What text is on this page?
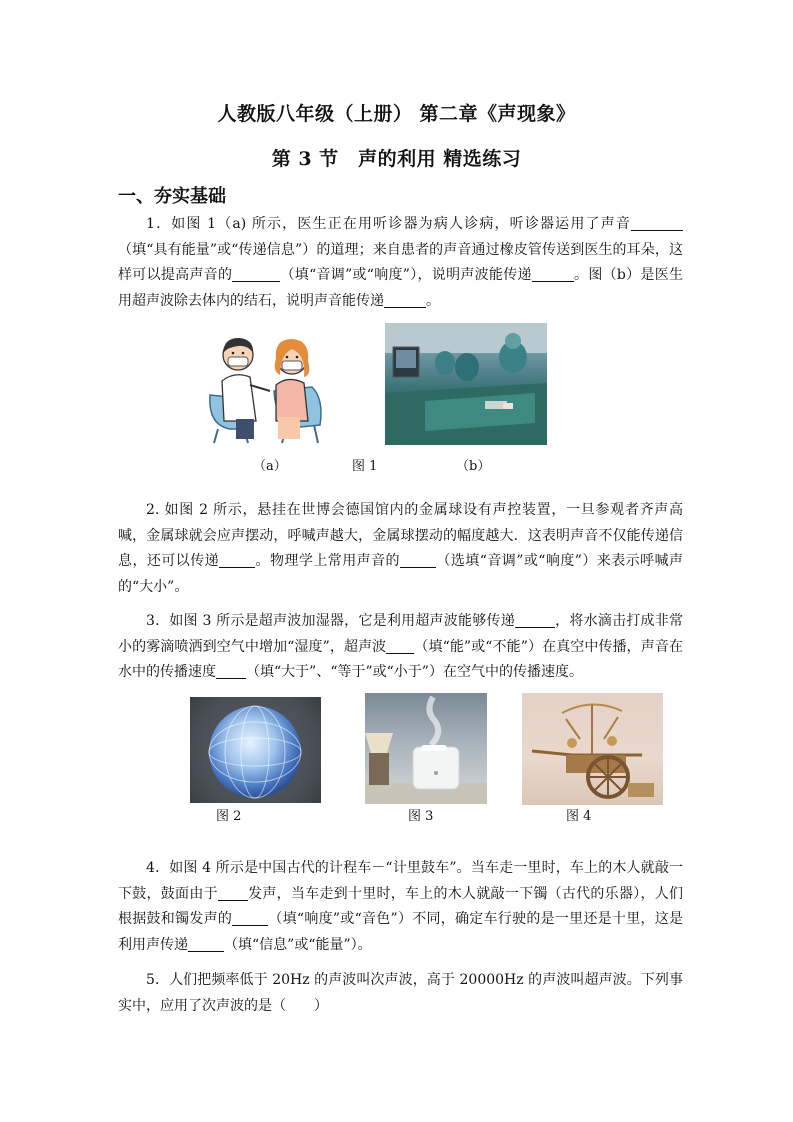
人教版八年级（上册） 第二章《声现象》
第 3 节　声的利用 精选练习
一、夯实基础

1．如图 1（a) 所示，医生正在用听诊器为病人诊病，听诊器运用了声音（填“具有能量”或“传递信息”）的道理；来自患者的声音通过橡皮管传送到医生的耳朵，这样可以提高声音的	（填“音调”或“响度”），说明声波能传递	。图（b）是医生用超声波除去体内的结石，说明声音能传递	。

（a）	图 1	（b）

2. 如图 2 所示，悬挂在世博会德国馆内的金属球设有声控装置，一旦参观者齐声高喊，金属球就会应声摆动，呼喊声越大，金属球摆动的幅度越大．这表明声音不仅能传递信息，还可以传递	。物理学上常用声音的	（选填“音调”或“响度”）来表示呼喊声的“大小”。

3．如图 3 所示是超声波加湿器，它是利用超声波能够传递	，将水滴击打成非常小的雾滴喷洒到空气中增加“湿度”，超声波 （填“能”或“不能”）在真空中传播，声音在水中的传播速度 （填“大于”、“等于”或“小于”）在空气中的传播速度。

图 2	图 3	图 4

4．如图 4 所示是中国古代的计程车－“计里鼓车”。当车走一里时，车上的木人就敲一下鼓，鼓面由于 发声，当车走到十里时，车上的木人就敲一下镯（古代的乐器），人们根据鼓和镯发声的	（填“响度”或“音色”）不同，确定车行驶的是一里还是十里，这是利用声传递	（填“信息”或“能量”）。

5．人们把频率低于 20Hz 的声波叫次声波，高于 20000Hz 的声波叫超声波。下列事实中，应用了次声波的是（　　）
